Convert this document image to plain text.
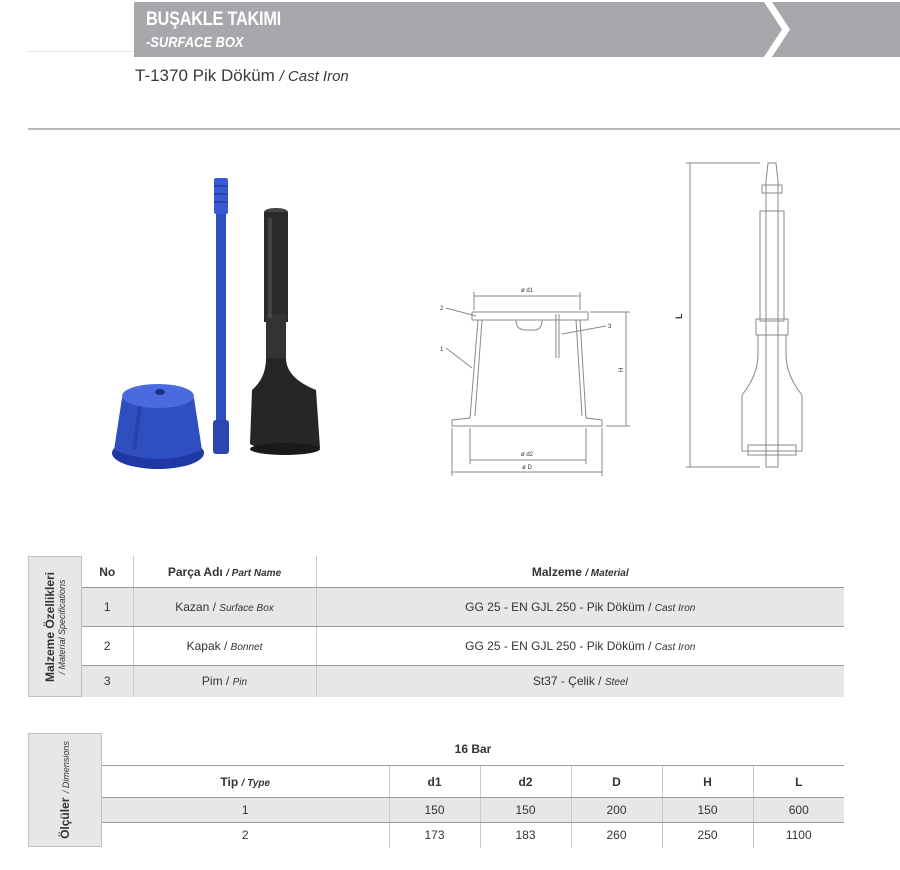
BUŞAKLE TAKIMI
-SURFACE BOX
T-1370 Pik Döküm / Cast Iron
ø d1
ø d2
ø D
H
2
1
3
L
Malzeme Özellikleri / Material Specifications
No	Parça Adı / Part Name	Malzeme / Material
1	Kazan / Surface Box	GG 25 - EN GJL 250 - Pik Döküm / Cast Iron
2	Kapak / Bonnet	GG 25 - EN GJL 250 - Pik Döküm / Cast Iron
3	Pim / Pin	St37 - Çelik / Steel
Ölçüler / Dimensions	16 Bar					
Tip / Type	d1	d2	D	H	L
1	150	150	200	150	600
2	173	183	260	250	1100
